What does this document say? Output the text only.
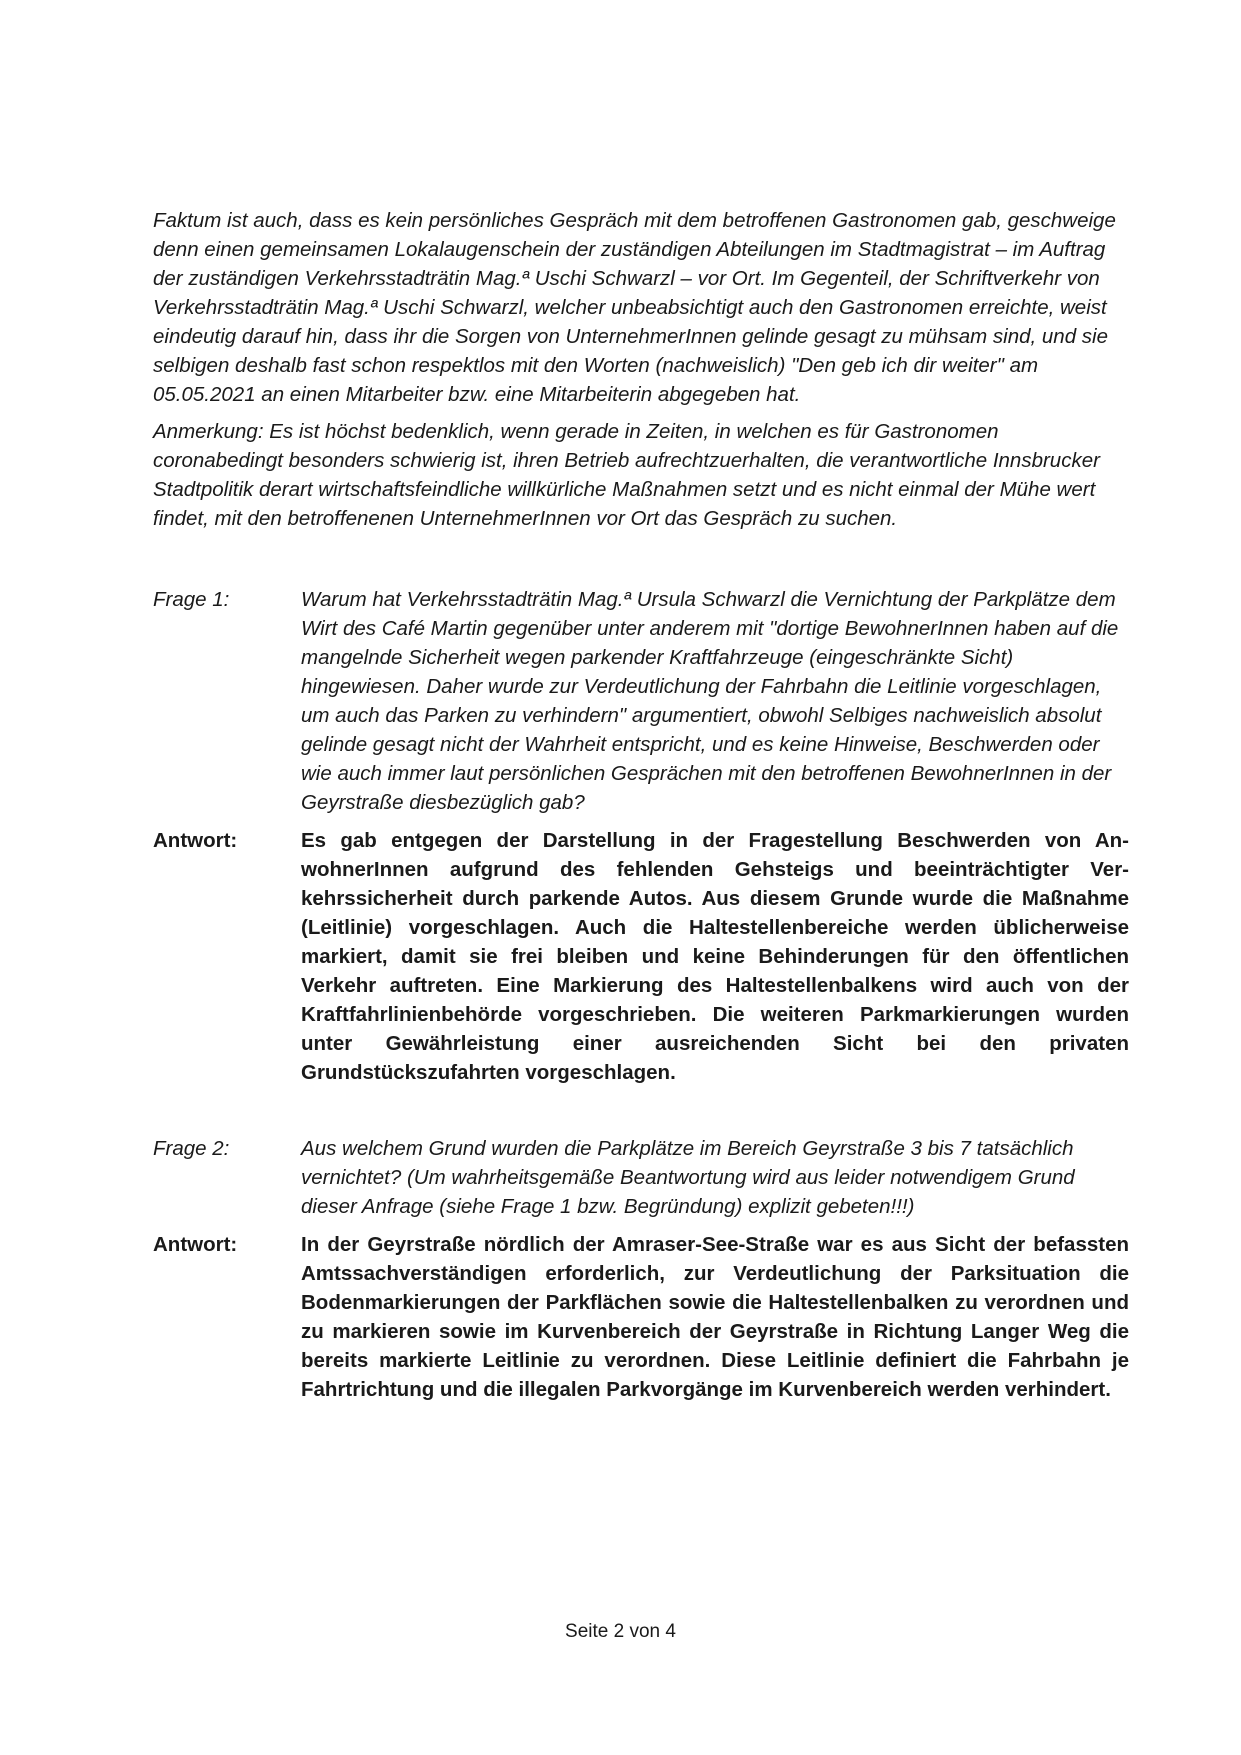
Faktum ist auch, dass es kein persönliches Gespräch mit dem betroffenen Gastronomen gab, geschweige denn einen gemeinsamen Lokalaugenschein der zuständigen Abteilungen im Stadtmagistrat – im Auftrag der zuständigen Verkehrsstadträtin Mag.ª Uschi Schwarzl – vor Ort. Im Gegenteil, der Schriftverkehr von Verkehrsstadträtin Mag.ª Uschi Schwarzl, welcher unbeabsichtigt auch den Gastronomen erreichte, weist eindeutig darauf hin, dass ihr die Sorgen von UnternehmerInnen gelinde gesagt zu mühsam sind, und sie selbigen deshalb fast schon respektlos mit den Worten (nachweislich) "Den geb ich dir weiter" am 05.05.2021 an einen Mitarbeiter bzw. eine Mitarbeiterin abgegeben hat.

Anmerkung: Es ist höchst bedenklich, wenn gerade in Zeiten, in welchen es für Gastronomen coronabedingt besonders schwierig ist, ihren Betrieb aufrechtzuerhalten, die verantwortliche Innsbrucker Stadtpolitik derart wirtschaftsfeindliche willkürliche Maßnahmen setzt und es nicht einmal der Mühe wert findet, mit den betroffenenen UnternehmerInnen vor Ort das Gespräch zu suchen.

Frage 1:	Warum hat Verkehrsstadträtin Mag.ª Ursula Schwarzl die Vernichtung der Parkplätze dem Wirt des Café Martin gegenüber unter anderem mit "dortige BewohnerInnen haben auf die mangelnde Sicherheit wegen parkender Kraftfahrzeuge (eingeschränkte Sicht) hingewiesen. Daher wurde zur Verdeutlichung der Fahrbahn die Leitlinie vorgeschlagen, um auch das Parken zu verhindern" argumentiert, obwohl Selbiges nachweislich absolut gelinde gesagt nicht der Wahrheit entspricht, und es keine Hinweise, Beschwerden oder wie auch immer laut persönlichen Gesprächen mit den betroffenen BewohnerInnen in der Geyrstraße diesbezüglich gab?
Antwort:	Es gab entgegen der Darstellung in der Fragestellung Beschwerden von AnwohnerInnen aufgrund des fehlenden Gehsteigs und beeinträchtigter Verkehrssicherheit durch parkende Autos. Aus diesem Grunde wurde die Maßnahme (Leitlinie) vorgeschlagen. Auch die Haltestellenbereiche werden üblicherweise markiert, damit sie frei bleiben und keine Behinderungen für den öffentlichen Verkehr auftreten. Eine Markierung des Haltestellenbalkens wird auch von der Kraftfahrlinienbehörde vorgeschrieben. Die weiteren Parkmarkierungen wurden unter Gewährleistung einer ausreichenden Sicht bei den privaten Grundstückszufahrten vorgeschlagen.
Frage 2:	Aus welchem Grund wurden die Parkplätze im Bereich Geyrstraße 3 bis 7 tatsächlich vernichtet? (Um wahrheitsgemäße Beantwortung wird aus leider notwendigem Grund dieser Anfrage (siehe Frage 1 bzw. Begründung) explizit gebeten!!!)
Antwort:	In der Geyrstraße nördlich der Amraser-See-Straße war es aus Sicht der befassten Amtssachverständigen erforderlich, zur Verdeutlichung der Parksituation die Bodenmarkierungen der Parkflächen sowie die Haltestellenbalken zu verordnen und zu markieren sowie im Kurvenbereich der Geyrstraße in Richtung Langer Weg die bereits markierte Leitlinie zu verordnen. Diese Leitlinie definiert die Fahrbahn je Fahrtrichtung und die illegalen Parkvorgänge im Kurvenbereich werden verhindert.
Seite 2 von 4
